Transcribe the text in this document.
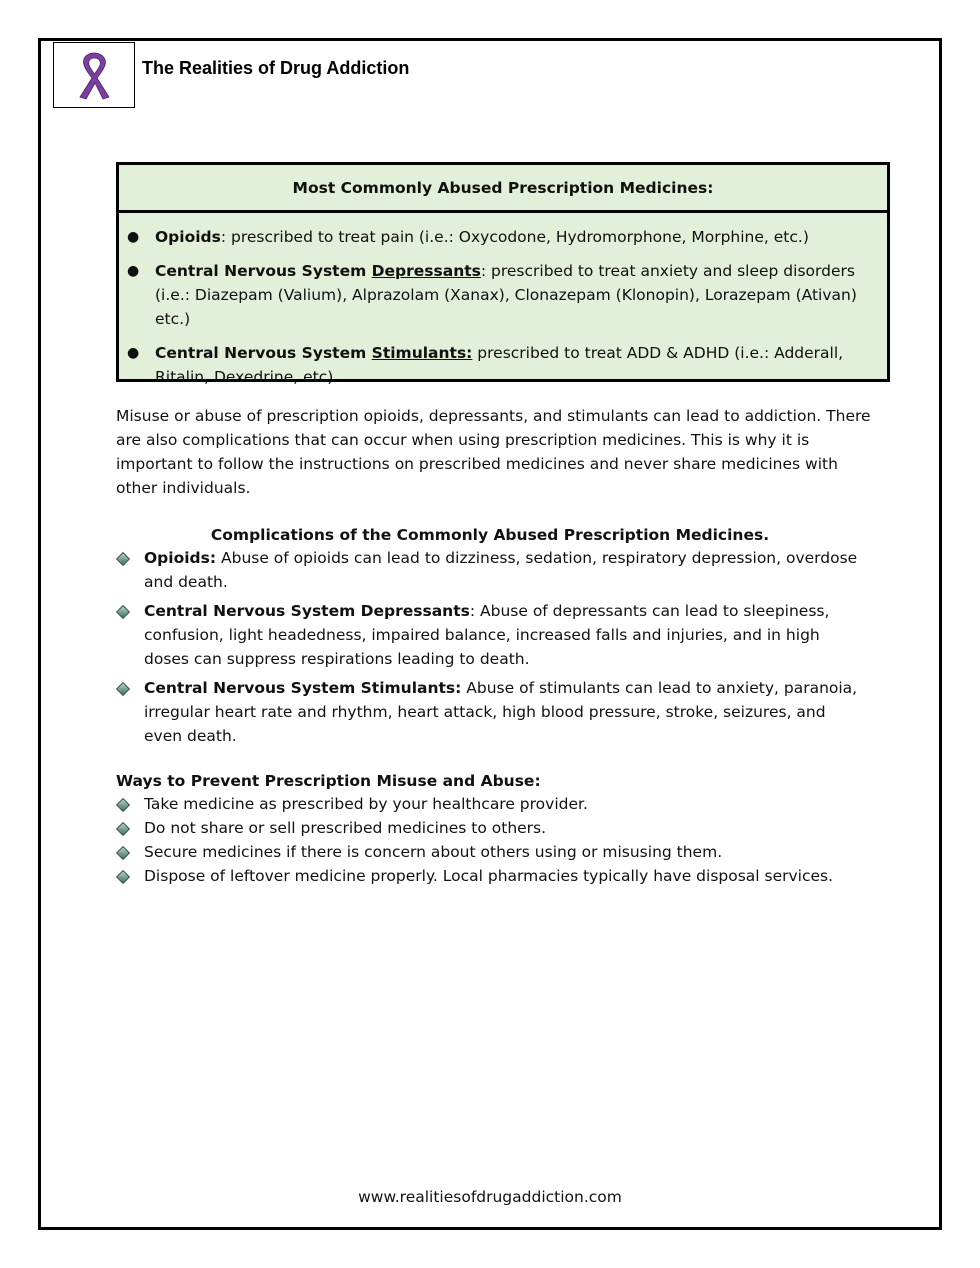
The Realities of Drug Addiction
Most Commonly Abused Prescription Medicines:
● Opioids: prescribed to treat pain (i.e.: Oxycodone, Hydromorphone, Morphine, etc.)
● Central Nervous System Depressants: prescribed to treat anxiety and sleep disorders (i.e.: Diazepam (Valium), Alprazolam (Xanax), Clonazepam (Klonopin), Lorazepam (Ativan) etc.)
● Central Nervous System Stimulants: prescribed to treat ADD & ADHD (i.e.: Adderall, Ritalin, Dexedrine, etc).
Misuse or abuse of prescription opioids, depressants, and stimulants can lead to addiction. There are also complications that can occur when using prescription medicines. This is why it is important to follow the instructions on prescribed medicines and never share medicines with other individuals.
Complications of the Commonly Abused Prescription Medicines.
Opioids: Abuse of opioids can lead to dizziness, sedation, respiratory depression, overdose and death.
Central Nervous System Depressants: Abuse of depressants can lead to sleepiness, confusion, light headedness, impaired balance, increased falls and injuries, and in high doses can suppress respirations leading to death.
Central Nervous System Stimulants: Abuse of stimulants can lead to anxiety, paranoia, irregular heart rate and rhythm, heart attack, high blood pressure, stroke, seizures, and even death.
Ways to Prevent Prescription Misuse and Abuse:
Take medicine as prescribed by your healthcare provider.
Do not share or sell prescribed medicines to others.
Secure medicines if there is concern about others using or misusing them.
Dispose of leftover medicine properly. Local pharmacies typically have disposal services.
www.realitiesofdrugaddiction.com
